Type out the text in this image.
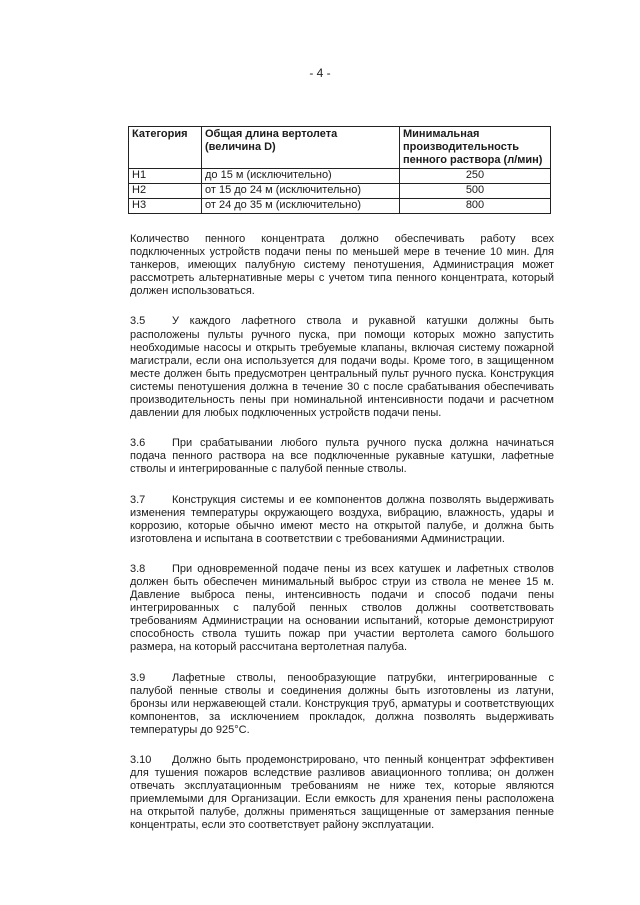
- 4 -
Категория	Общая длина вертолета (величина D)	Минимальная производительность пенного раствора (л/мин)
H1	до 15 м (исключительно)	250
H2	от 15 до 24 м (исключительно)	500
H3	от 24 до 35 м (исключительно)	800

Количество пенного концентрата должно обеспечивать работу всех подключенных устройств подачи пены по меньшей мере в течение 10 мин. Для танкеров, имеющих палубную систему пенотушения, Администрация может рассмотреть альтернативные меры с учетом типа пенного концентрата, который должен использоваться.

3.5 У каждого лафетного ствола и рукавной катушки должны быть расположены пульты ручного пуска, при помощи которых можно запустить необходимые насосы и открыть требуемые клапаны, включая систему пожарной магистрали, если она используется для подачи воды. Кроме того, в защищенном месте должен быть предусмотрен центральный пульт ручного пуска. Конструкция системы пенотушения должна в течение 30 с после срабатывания обеспечивать производительность пены при номинальной интенсивности подачи и расчетном давлении для любых подключенных устройств подачи пены.

3.6 При срабатывании любого пульта ручного пуска должна начинаться подача пенного раствора на все подключенные рукавные катушки, лафетные стволы и интегрированные с палубой пенные стволы.

3.7 Конструкция системы и ее компонентов должна позволять выдерживать изменения температуры окружающего воздуха, вибрацию, влажность, удары и коррозию, которые обычно имеют место на открытой палубе, и должна быть изготовлена и испытана в соответствии с требованиями Администрации.

3.8 При одновременной подаче пены из всех катушек и лафетных стволов должен быть обеспечен минимальный выброс струи из ствола не менее 15 м. Давление выброса пены, интенсивность подачи и способ подачи пены интегрированных с палубой пенных стволов должны соответствовать требованиям Администрации на основании испытаний, которые демонстрируют способность ствола тушить пожар при участии вертолета самого большого размера, на который рассчитана вертолетная палуба.

3.9 Лафетные стволы, пенообразующие патрубки, интегрированные с палубой пенные стволы и соединения должны быть изготовлены из латуни, бронзы или нержавеющей стали. Конструкция труб, арматуры и соответствующих компонентов, за исключением прокладок, должна позволять выдерживать температуры до 925°C.

3.10 Должно быть продемонстрировано, что пенный концентрат эффективен для тушения пожаров вследствие разливов авиационного топлива; он должен отвечать эксплуатационным требованиям не ниже тех, которые являются приемлемыми для Организации. Если емкость для хранения пены расположена на открытой палубе, должны применяться защищенные от замерзания пенные концентраты, если это соответствует району эксплуатации.
